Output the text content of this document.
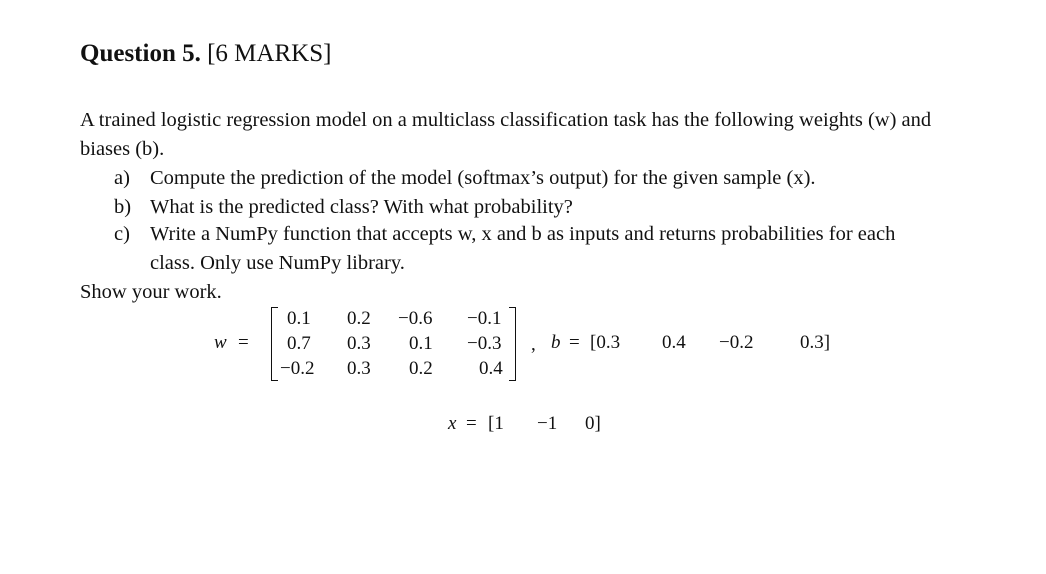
Question 5. [6 MARKS]
A trained logistic regression model on a multiclass classification task has the following weights (w) and biases (b).
a) Compute the prediction of the model (softmax’s output) for the given sample (x).
b) What is the predicted class? With what probability?
c) Write a NumPy function that accepts w, x and b as inputs and returns probabilities for each
class. Only use NumPy library.
Show your work.
w =
0.1 0.2 −0.6 −0.1
0.7 0.3 0.1 −0.3
−0.2 0.3 0.2 0.4
, b = [0.3 0.4 −0.2 0.3]
x = [1 −1 0]
